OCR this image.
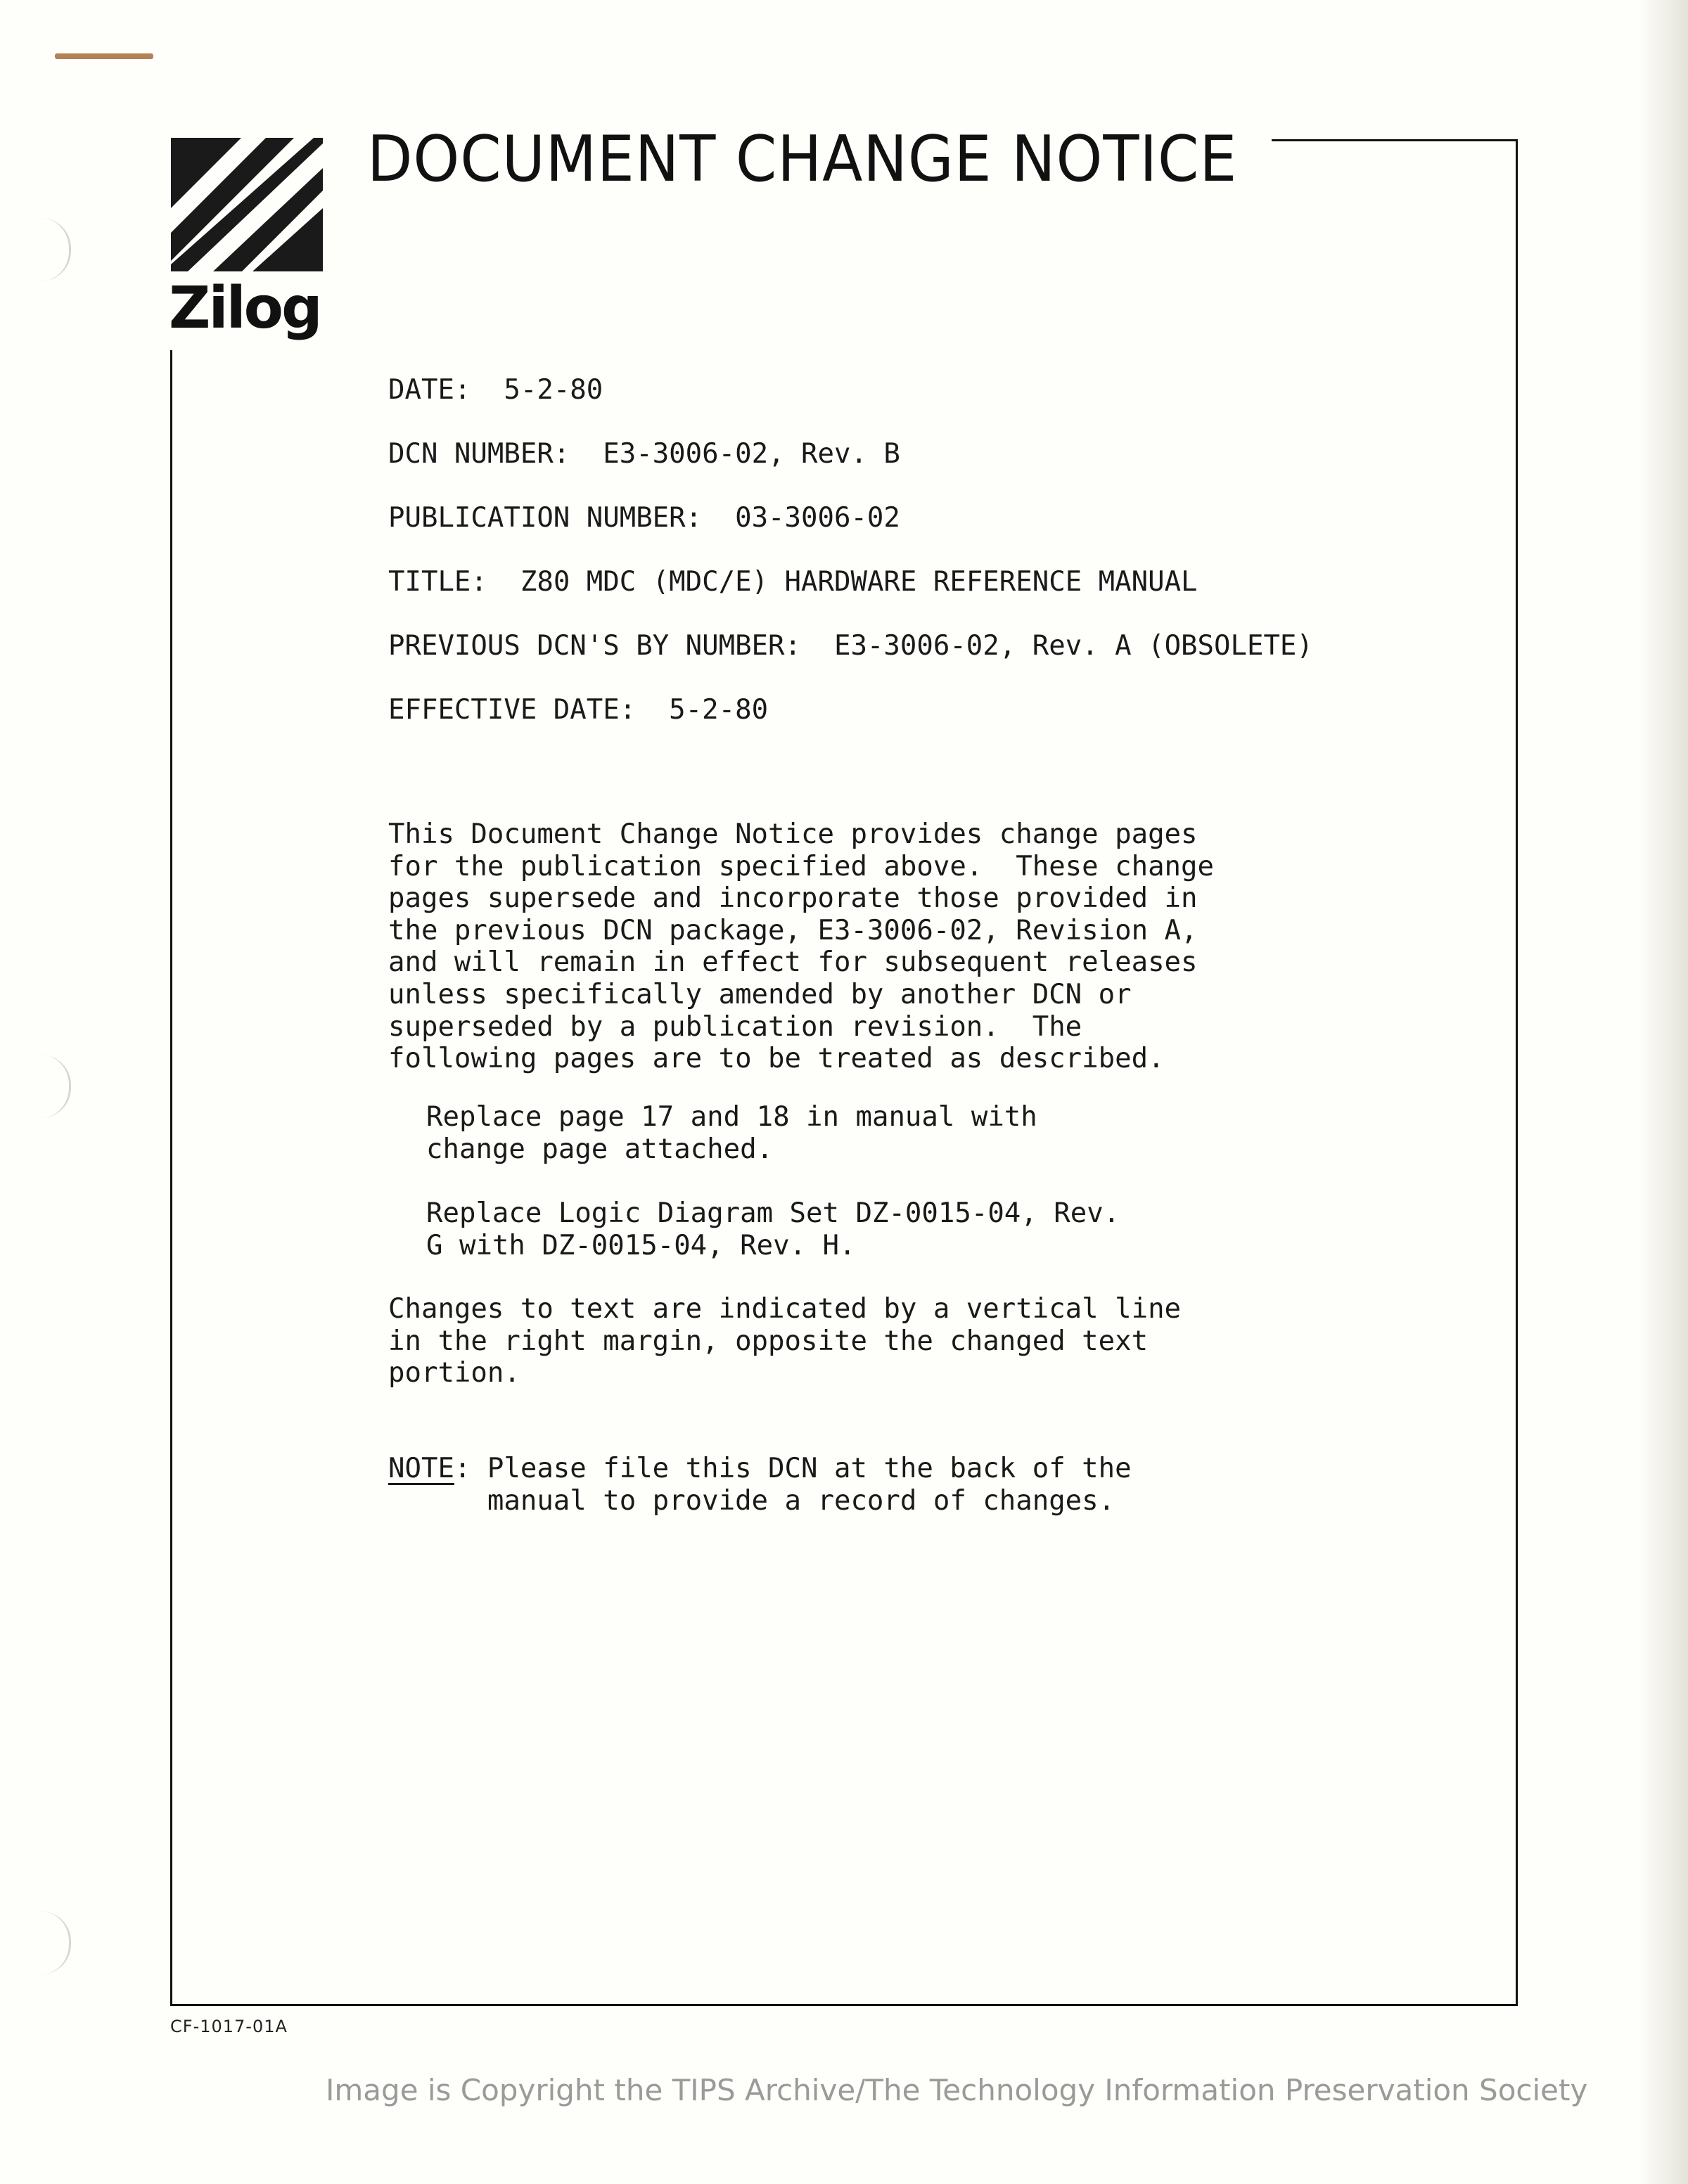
Zilog
DOCUMENT CHANGE NOTICE
DATE: 5-2-80
DCN NUMBER: E3-3006-02, Rev. B
PUBLICATION NUMBER: 03-3006-02
TITLE: Z80 MDC (MDC/E) HARDWARE REFERENCE MANUAL
PREVIOUS DCN'S BY NUMBER: E3-3006-02, Rev. A (OBSOLETE)
EFFECTIVE DATE: 5-2-80
This Document Change Notice provides change pages
for the publication specified above.  These change
pages supersede and incorporate those provided in
the previous DCN package, E3-3006-02, Revision A,
and will remain in effect for subsequent releases
unless specifically amended by another DCN or
superseded by a publication revision.  The
following pages are to be treated as described.
Replace page 17 and 18 in manual with
change page attached.
Replace Logic Diagram Set DZ-0015-04, Rev.
G with DZ-0015-04, Rev. H.
Changes to text are indicated by a vertical line
in the right margin, opposite the changed text
portion.
NOTE: Please file this DCN at the back of the
manual to provide a record of changes.
CF-1017-01A
Image is Copyright the TIPS Archive/The Technology Information Preservation Society
